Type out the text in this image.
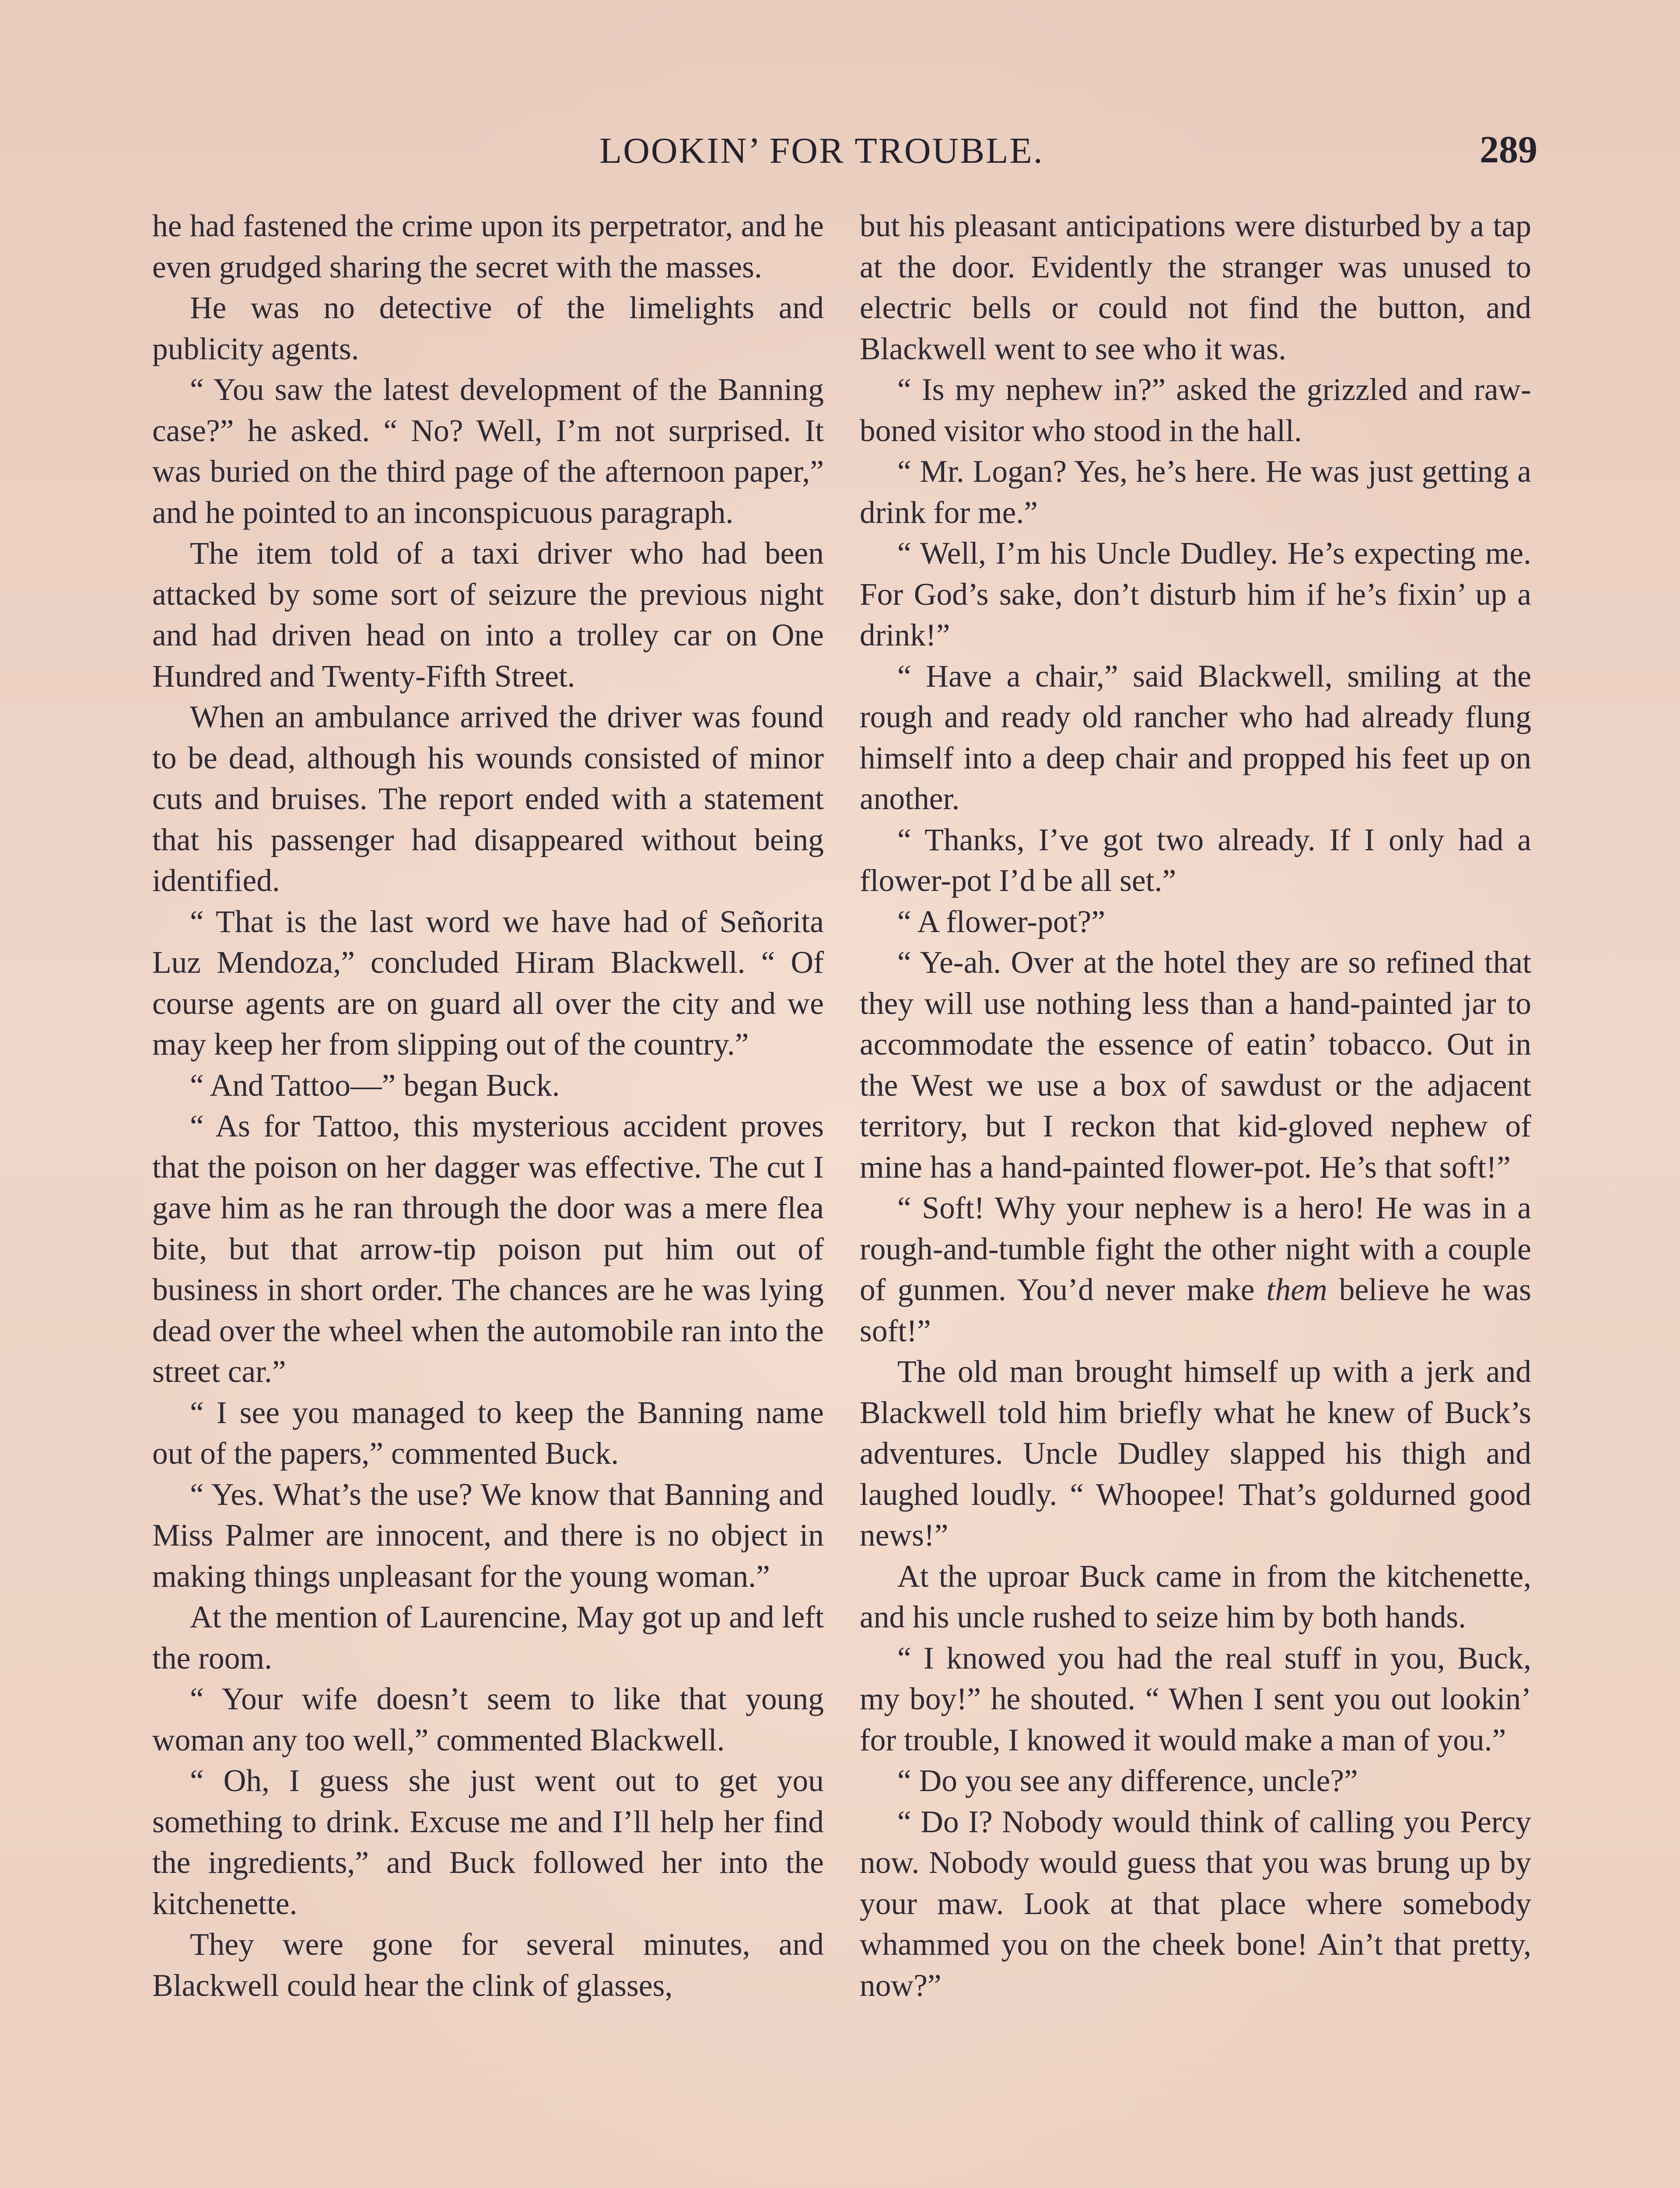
LOOKIN’ FOR TROUBLE.	289

he had fastened the crime upon its perpetrator, and he even grudged sharing the secret with the masses.

He was no detective of the limelights and publicity agents.

“ You saw the latest development of the Banning case?” he asked. “ No? Well, I’m not surprised. It was buried on the third page of the afternoon paper,” and he pointed to an inconspicuous paragraph.

The item told of a taxi driver who had been attacked by some sort of seizure the previous night and had driven head on into a trolley car on One Hundred and Twenty-Fifth Street.

When an ambulance arrived the driver was found to be dead, although his wounds consisted of minor cuts and bruises. The report ended with a statement that his passenger had disappeared without being identified.

“ That is the last word we have had of Señorita Luz Mendoza,” concluded Hiram Blackwell. “ Of course agents are on guard all over the city and we may keep her from slipping out of the country.”

“ And Tattoo—” began Buck.

“ As for Tattoo, this mysterious accident proves that the poison on her dagger was effective. The cut I gave him as he ran through the door was a mere flea bite, but that arrow-tip poison put him out of business in short order. The chances are he was lying dead over the wheel when the automobile ran into the street car.”

“ I see you managed to keep the Banning name out of the papers,” commented Buck.

“ Yes. What’s the use? We know that Banning and Miss Palmer are innocent, and there is no object in making things unpleasant for the young woman.”

At the mention of Laurencine, May got up and left the room.

“ Your wife doesn’t seem to like that young woman any too well,” commented Blackwell.

“ Oh, I guess she just went out to get you something to drink. Excuse me and I’ll help her find the ingredients,” and Buck followed her into the kitchenette.

They were gone for several minutes, and Blackwell could hear the clink of glasses,

but his pleasant anticipations were disturbed by a tap at the door. Evidently the stranger was unused to electric bells or could not find the button, and Blackwell went to see who it was.

“ Is my nephew in?” asked the grizzled and raw-boned visitor who stood in the hall.

“ Mr. Logan? Yes, he’s here. He was just getting a drink for me.”

“ Well, I’m his Uncle Dudley. He’s expecting me. For God’s sake, don’t disturb him if he’s fixin’ up a drink!”

“ Have a chair,” said Blackwell, smiling at the rough and ready old rancher who had already flung himself into a deep chair and propped his feet up on another.

“ Thanks, I’ve got two already. If I only had a flower-pot I’d be all set.”

“ A flower-pot?”

“ Ye-ah. Over at the hotel they are so refined that they will use nothing less than a hand-painted jar to accommodate the essence of eatin’ tobacco. Out in the West we use a box of sawdust or the adjacent territory, but I reckon that kid-gloved nephew of mine has a hand-painted flower-pot. He’s that soft!”

“ Soft! Why your nephew is a hero! He was in a rough-and-tumble fight the other night with a couple of gunmen. You’d never make them believe he was soft!”

The old man brought himself up with a jerk and Blackwell told him briefly what he knew of Buck’s adventures. Uncle Dudley slapped his thigh and laughed loudly. “ Whoopee! That’s goldurned good news!”

At the uproar Buck came in from the kitchenette, and his uncle rushed to seize him by both hands.

“ I knowed you had the real stuff in you, Buck, my boy!” he shouted. “ When I sent you out lookin’ for trouble, I knowed it would make a man of you.”

“ Do you see any difference, uncle?”

“ Do I? Nobody would think of calling you Percy now. Nobody would guess that you was brung up by your maw. Look at that place where somebody whammed you on the cheek bone! Ain’t that pretty, now?”
